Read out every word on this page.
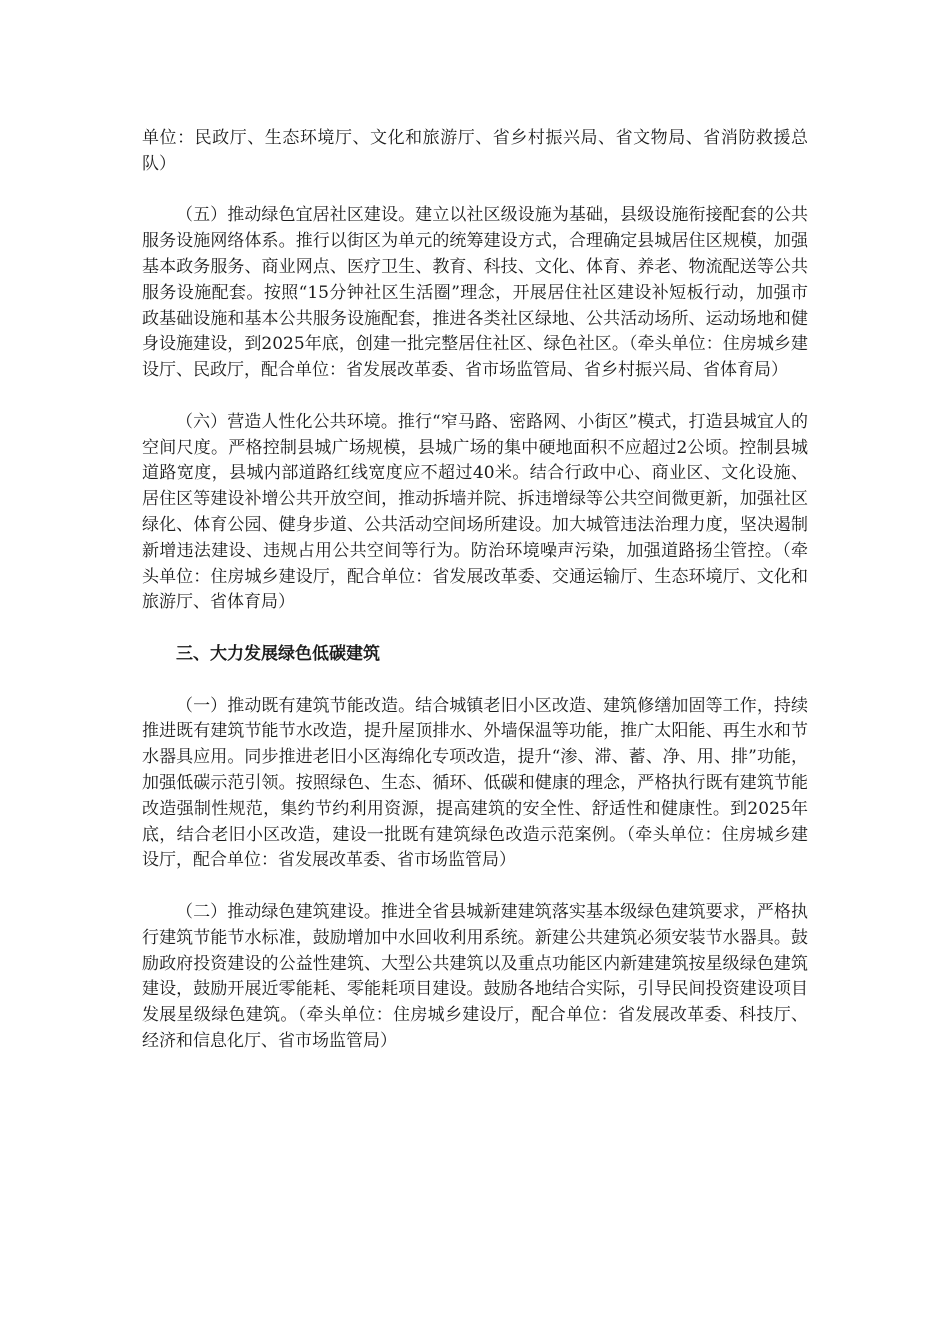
单位：民政厅、生态环境厅、文化和旅游厅、省乡村振兴局、省文物局、省消防救援总队）

（五）推动绿色宜居社区建设。建立以社区级设施为基础，县级设施衔接配套的公共服务设施网络体系。推行以街区为单元的统筹建设方式，合理确定县城居住区规模，加强基本政务服务、商业网点、医疗卫生、教育、科技、文化、体育、养老、物流配送等公共服务设施配套。按照“15分钟社区生活圈”理念，开展居住社区建设补短板行动，加强市政基础设施和基本公共服务设施配套，推进各类社区绿地、公共活动场所、运动场地和健身设施建设，到2025年底，创建一批完整居住社区、绿色社区。（牵头单位：住房城乡建设厅、民政厅，配合单位：省发展改革委、省市场监管局、省乡村振兴局、省体育局）

（六）营造人性化公共环境。推行“窄马路、密路网、小街区”模式，打造县城宜人的空间尺度。严格控制县城广场规模，县城广场的集中硬地面积不应超过2公顷。控制县城道路宽度，县城内部道路红线宽度应不超过40米。结合行政中心、商业区、文化设施、居住区等建设补增公共开放空间，推动拆墙并院、拆违增绿等公共空间微更新，加强社区绿化、体育公园、健身步道、公共活动空间场所建设。加大城管违法治理力度，坚决遏制新增违法建设、违规占用公共空间等行为。防治环境噪声污染，加强道路扬尘管控。（牵头单位：住房城乡建设厅，配合单位：省发展改革委、交通运输厅、生态环境厅、文化和旅游厅、省体育局）

三、大力发展绿色低碳建筑

（一）推动既有建筑节能改造。结合城镇老旧小区改造、建筑修缮加固等工作，持续推进既有建筑节能节水改造，提升屋顶排水、外墙保温等功能，推广太阳能、再生水和节水器具应用。同步推进老旧小区海绵化专项改造，提升“渗、滞、蓄、净、用、排”功能，加强低碳示范引领。按照绿色、生态、循环、低碳和健康的理念，严格执行既有建筑节能改造强制性规范，集约节约利用资源，提高建筑的安全性、舒适性和健康性。到2025年底，结合老旧小区改造，建设一批既有建筑绿色改造示范案例。（牵头单位：住房城乡建设厅，配合单位：省发展改革委、省市场监管局）

（二）推动绿色建筑建设。推进全省县城新建建筑落实基本级绿色建筑要求，严格执行建筑节能节水标准，鼓励增加中水回收利用系统。新建公共建筑必须安装节水器具。鼓励政府投资建设的公益性建筑、大型公共建筑以及重点功能区内新建建筑按星级绿色建筑建设，鼓励开展近零能耗、零能耗项目建设。鼓励各地结合实际，引导民间投资建设项目发展星级绿色建筑。（牵头单位：住房城乡建设厅，配合单位：省发展改革委、科技厅、经济和信息化厅、省市场监管局）
